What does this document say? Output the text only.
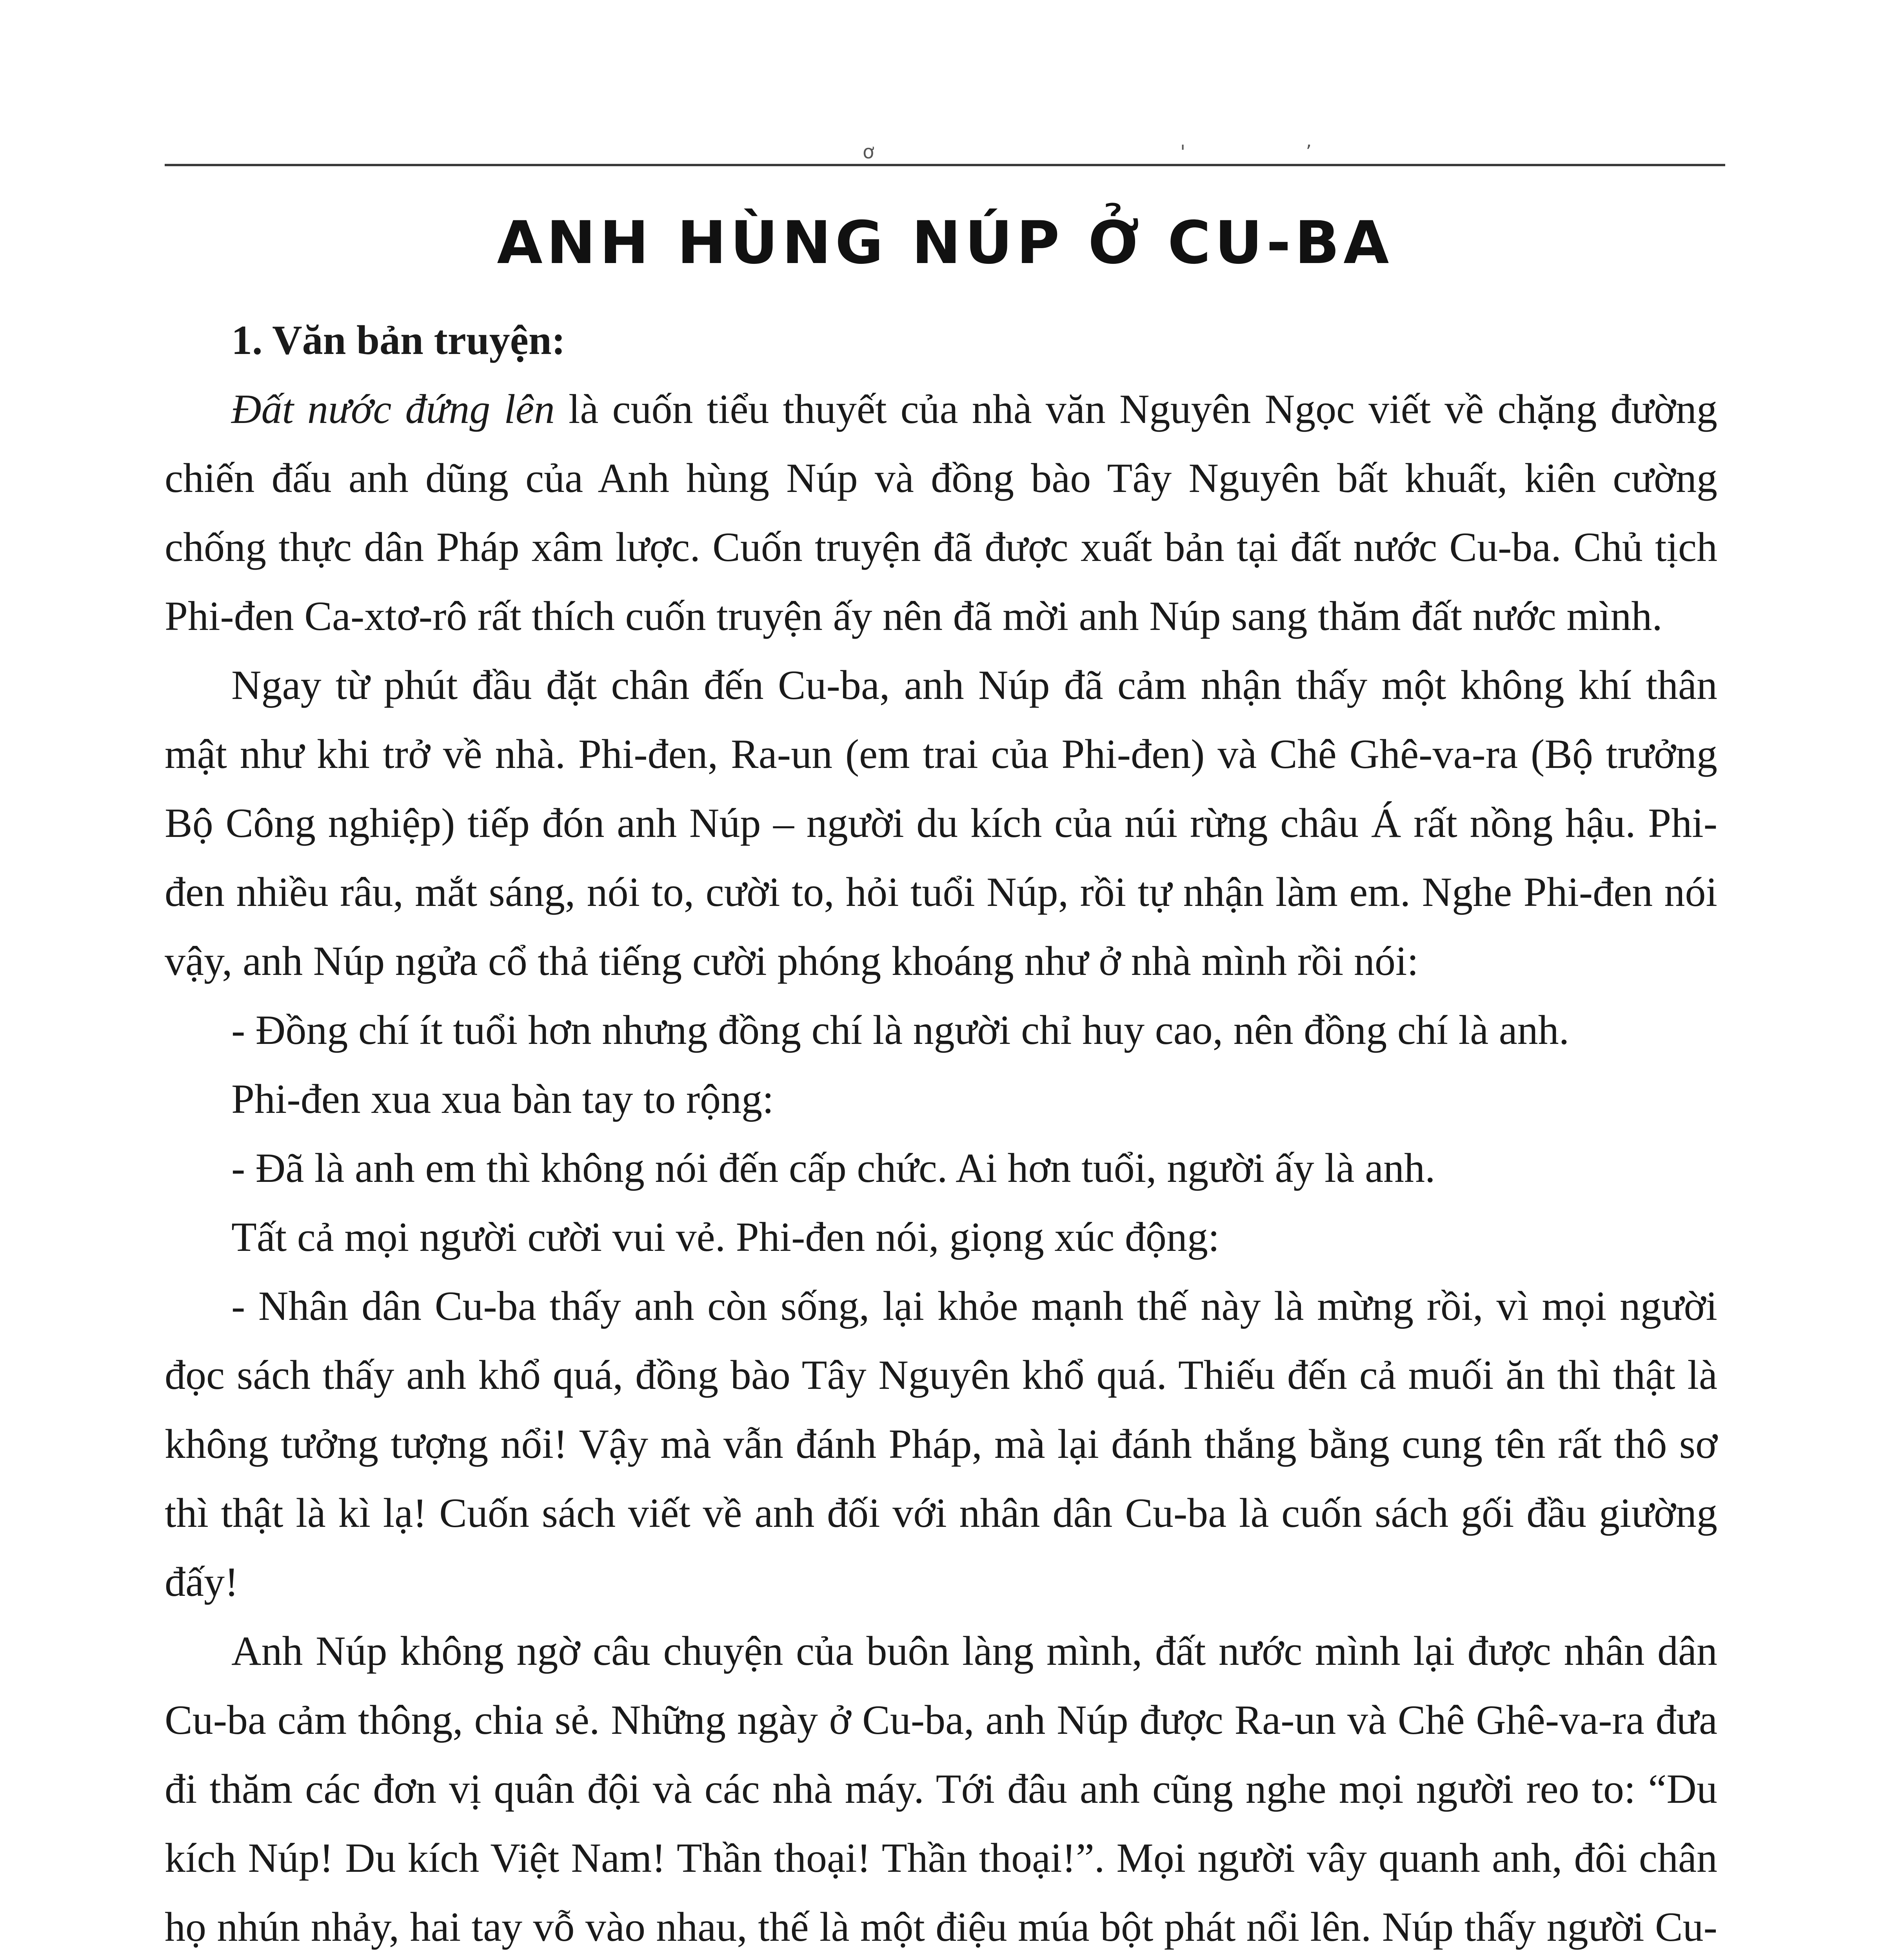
ơ	'	ʼ
ANH HÙNG NÚP Ở CU-BA
1. Văn bản truyện:

Đất nước đứng lên là cuốn tiểu thuyết của nhà văn Nguyên Ngọc viết về chặng đường chiến đấu anh dũng của Anh hùng Núp và đồng bào Tây Nguyên bất khuất, kiên cường chống thực dân Pháp xâm lược. Cuốn truyện đã được xuất bản tại đất nước Cu-ba. Chủ tịch Phi-đen Ca-xtơ-rô rất thích cuốn truyện ấy nên đã mời anh Núp sang thăm đất nước mình.

Ngay từ phút đầu đặt chân đến Cu-ba, anh Núp đã cảm nhận thấy một không khí thân mật như khi trở về nhà. Phi-đen, Ra-un (em trai của Phi-đen) và Chê Ghê-va-ra (Bộ trưởng Bộ Công nghiệp) tiếp đón anh Núp – người du kích của núi rừng châu Á rất nồng hậu. Phi-đen nhiều râu, mắt sáng, nói to, cười to, hỏi tuổi Núp, rồi tự nhận làm em. Nghe Phi-đen nói vậy, anh Núp ngửa cổ thả tiếng cười phóng khoáng như ở nhà mình rồi nói:

- Đồng chí ít tuổi hơn nhưng đồng chí là người chỉ huy cao, nên đồng chí là anh.

Phi-đen xua xua bàn tay to rộng:

- Đã là anh em thì không nói đến cấp chức. Ai hơn tuổi, người ấy là anh.

Tất cả mọi người cười vui vẻ. Phi-đen nói, giọng xúc động:

- Nhân dân Cu-ba thấy anh còn sống, lại khỏe mạnh thế này là mừng rồi, vì mọi người đọc sách thấy anh khổ quá, đồng bào Tây Nguyên khổ quá. Thiếu đến cả muối ăn thì thật là không tưởng tượng nổi! Vậy mà vẫn đánh Pháp, mà lại đánh thắng bằng cung tên rất thô sơ thì thật là kì lạ! Cuốn sách viết về anh đối với nhân dân Cu-ba là cuốn sách gối đầu giường đấy!

Anh Núp không ngờ câu chuyện của buôn làng mình, đất nước mình lại được nhân dân Cu-ba cảm thông, chia sẻ. Những ngày ở Cu-ba, anh Núp được Ra-un và Chê Ghê-va-ra đưa đi thăm các đơn vị quân đội và các nhà máy. Tới đâu anh cũng nghe mọi người reo to: “Du kích Núp! Du kích Việt Nam! Thần thoại! Thần thoại!”. Mọi người vây quanh anh, đôi chân họ nhún nhảy, hai tay vỗ vào nhau, thế là một điệu múa bột phát nổi lên. Núp thấy người Cu-
